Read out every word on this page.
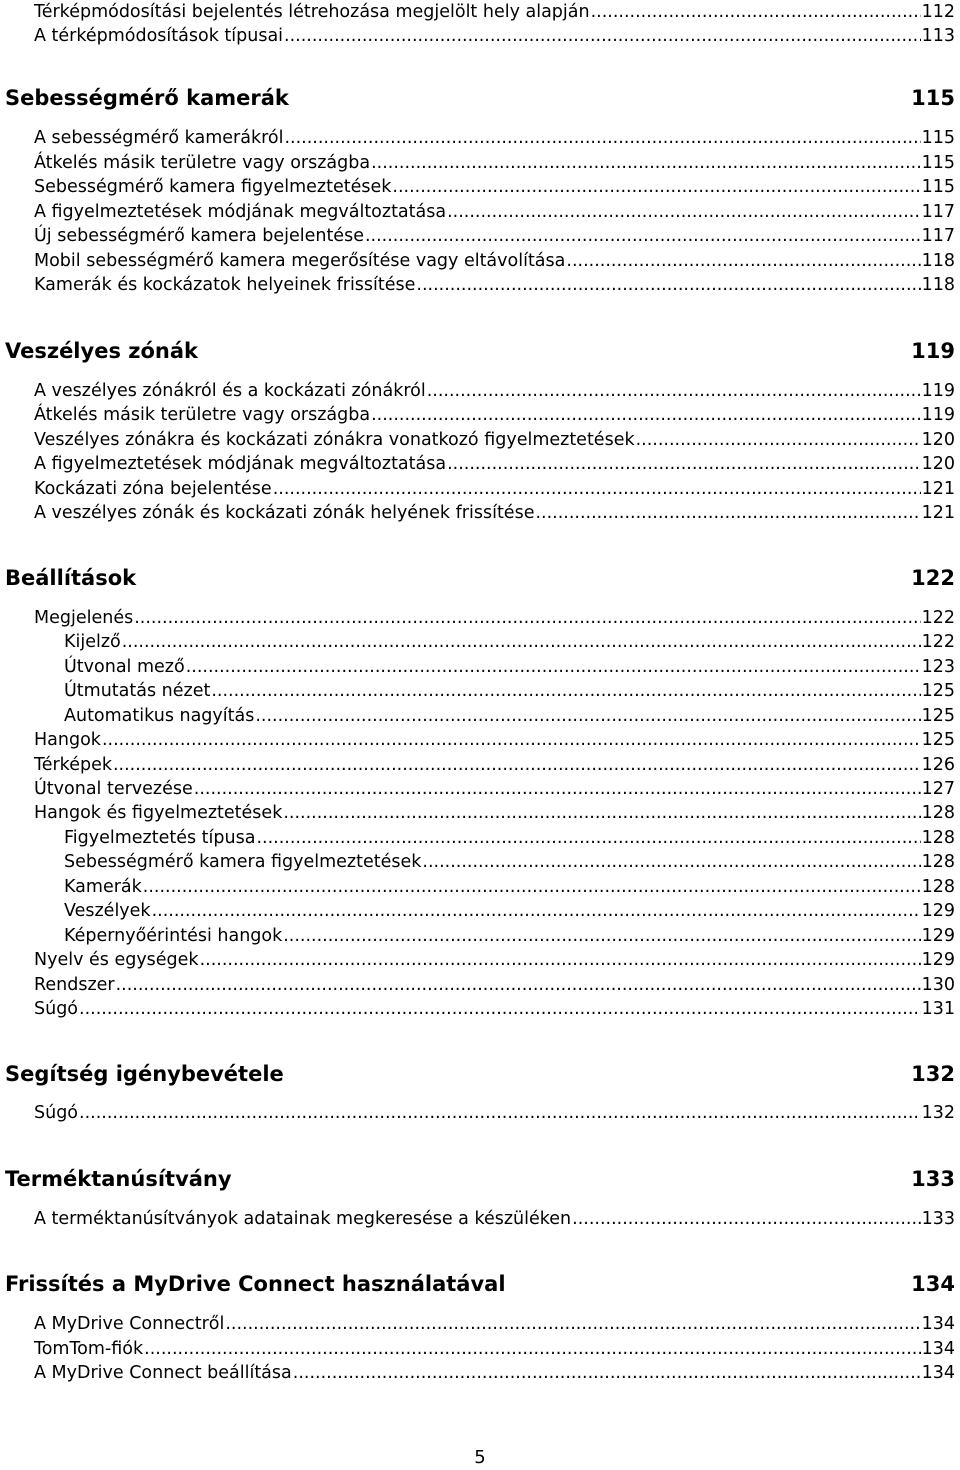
Térképmódosítási bejelentés létrehozása megjelölt hely alapján .....	112
A térképmódosítások típusai .....	113
Sebességmérő kamerák	115
A sebességmérő kamerákról .....	115
Átkelés másik területre vagy országba .....	115
Sebességmérő kamera figyelmeztetések .....	115
A figyelmeztetések módjának megváltoztatása .....	117
Új sebességmérő kamera bejelentése .....	117
Mobil sebességmérő kamera megerősítése vagy eltávolítása .....	118
Kamerák és kockázatok helyeinek frissítése .....	118
Veszélyes zónák	119
A veszélyes zónákról és a kockázati zónákról .....	119
Átkelés másik területre vagy országba .....	119
Veszélyes zónákra és kockázati zónákra vonatkozó figyelmeztetések .....	120
A figyelmeztetések módjának megváltoztatása .....	120
Kockázati zóna bejelentése .....	121
A veszélyes zónák és kockázati zónák helyének frissítése .....	121
Beállítások	122
Megjelenés .....	122
Kijelző .....	122
Útvonal mező .....	123
Útmutatás nézet .....	125
Automatikus nagyítás .....	125
Hangok .....	125
Térképek .....	126
Útvonal tervezése .....	127
Hangok és figyelmeztetések .....	128
Figyelmeztetés típusa .....	128
Sebességmérő kamera figyelmeztetések .....	128
Kamerák .....	128
Veszélyek .....	129
Képernyőérintési hangok .....	129
Nyelv és egységek .....	129
Rendszer .....	130
Súgó .....	131
Segítség igénybevétele	132
Súgó .....	132
Terméktanúsítvány	133
A terméktanúsítványok adatainak megkeresése a készüléken .....	133
Frissítés a MyDrive Connect használatával	134
A MyDrive Connectről .....	134
TomTom-fiók .....	134
A MyDrive Connect beállítása .....	134
5
